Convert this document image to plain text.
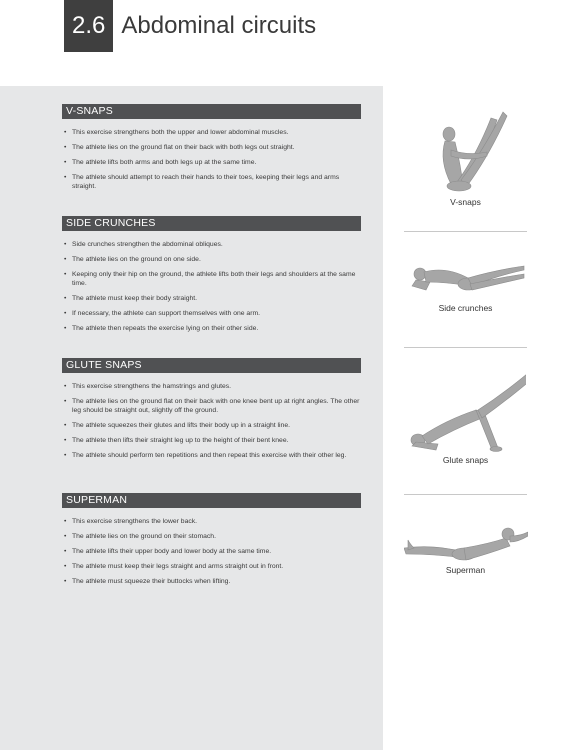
2.6 Abdominal circuits
V-SNAPS
• This exercise strengthens both the upper and lower abdominal muscles.
• The athlete lies on the ground flat on their back with both legs out straight.
• The athlete lifts both arms and both legs up at the same time.
• The athlete should attempt to reach their hands to their toes, keeping their legs and arms straight.
SIDE CRUNCHES
• Side crunches strengthen the abdominal obliques.
• The athlete lies on the ground on one side.
• Keeping only their hip on the ground, the athlete lifts both their legs and shoulders at the same time.
• The athlete must keep their body straight.
• If necessary, the athlete can support themselves with one arm.
• The athlete then repeats the exercise lying on their other side.
GLUTE SNAPS
• This exercise strengthens the hamstrings and glutes.
• The athlete lies on the ground flat on their back with one knee bent up at right angles. The other leg should be straight out, slightly off the ground.
• The athlete squeezes their glutes and lifts their body up in a straight line.
• The athlete then lifts their straight leg up to the height of their bent knee.
• The athlete should perform ten repetitions and then repeat this exercise with their other leg.
SUPERMAN
• This exercise strengthens the lower back.
• The athlete lies on the ground on their stomach.
• The athlete lifts their upper body and lower body at the same time.
• The athlete must keep their legs straight and arms straight out in front.
• The athlete must squeeze their buttocks when lifting.
V-snaps
Side crunches
Glute snaps
Superman
